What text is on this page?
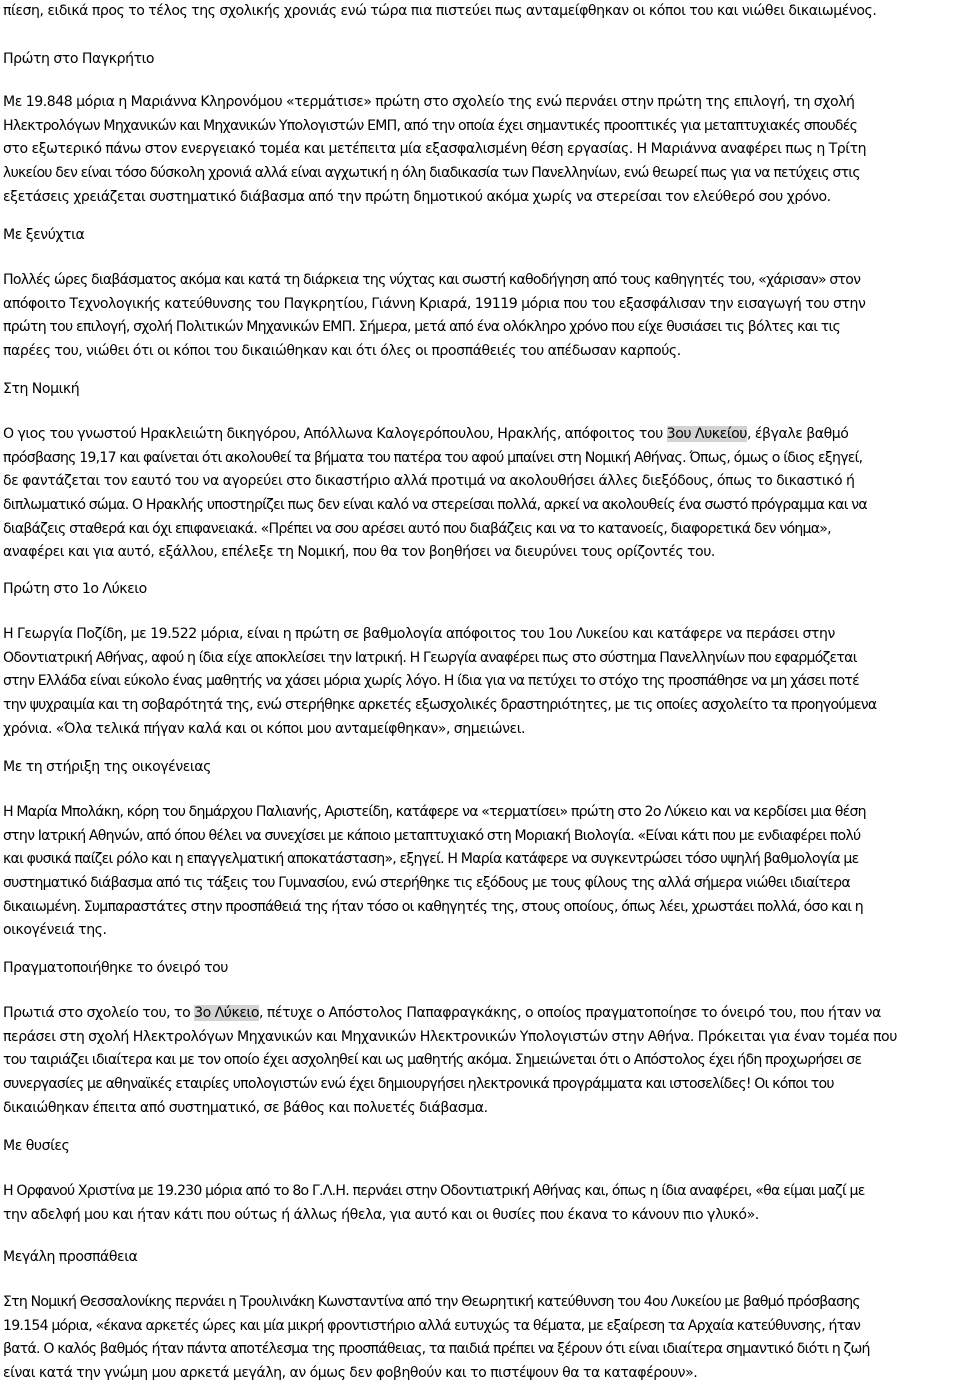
πίεση, ειδικά προς το τέλος της σχολικής χρονιάς ενώ τώρα πια πιστεύει πως ανταμείφθηκαν οι κόποι του και νιώθει δικαιωμένος.
Πρώτη στο Παγκρήτιο
Με 19.848 μόρια η Μαριάννα Κληρονόμου «τερμάτισε» πρώτη στο σχολείο της ενώ περνάει στην πρώτη της επιλογή, τη σχολή
Ηλεκτρολόγων Μηχανικών και Μηχανικών Υπολογιστών ΕΜΠ, από την οποία έχει σημαντικές προοπτικές για μεταπτυχιακές σπουδές
στο εξωτερικό πάνω στον ενεργειακό τομέα και μετέπειτα μία εξασφαλισμένη θέση εργασίας. Η Μαριάννα αναφέρει πως η Τρίτη
λυκείου δεν είναι τόσο δύσκολη χρονιά αλλά είναι αγχωτική η όλη διαδικασία των Πανελληνίων, ενώ θεωρεί πως για να πετύχεις στις
εξετάσεις χρειάζεται συστηματικό διάβασμα από την πρώτη δημοτικού ακόμα χωρίς να στερείσαι τον ελεύθερό σου χρόνο.
Με ξενύχτια
Πολλές ώρες διαβάσματος ακόμα και κατά τη διάρκεια της νύχτας και σωστή καθοδήγηση από τους καθηγητές του, «χάρισαν» στον
απόφοιτο Τεχνολογικής κατεύθυνσης του Παγκρητίου, Γιάννη Κριαρά, 19119 μόρια που του εξασφάλισαν την εισαγωγή του στην
πρώτη του επιλογή, σχολή Πολιτικών Μηχανικών ΕΜΠ. Σήμερα, μετά από ένα ολόκληρο χρόνο που είχε θυσιάσει τις βόλτες και τις
παρέες του, νιώθει ότι οι κόποι του δικαιώθηκαν και ότι όλες οι προσπάθειές του απέδωσαν καρπούς.
Στη Νομική
Ο γιος του γνωστού Ηρακλειώτη δικηγόρου, Απόλλωνα Καλογερόπουλου, Ηρακλής, απόφοιτος του 3ου Λυκείου, έβγαλε βαθμό
πρόσβασης 19,17 και φαίνεται ότι ακολουθεί τα βήματα του πατέρα του αφού μπαίνει στη Νομική Αθήνας. Όπως, όμως ο ίδιος εξηγεί,
δε φαντάζεται τον εαυτό του να αγορεύει στο δικαστήριο αλλά προτιμά να ακολουθήσει άλλες διεξόδους, όπως το δικαστικό ή
διπλωματικό σώμα. Ο Ηρακλής υποστηρίζει πως δεν είναι καλό να στερείσαι πολλά, αρκεί να ακολουθείς ένα σωστό πρόγραμμα και να
διαβάζεις σταθερά και όχι επιφανειακά. «Πρέπει να σου αρέσει αυτό που διαβάζεις και να το κατανοείς, διαφορετικά δεν νόημα»,
αναφέρει και για αυτό, εξάλλου, επέλεξε τη Νομική, που θα τον βοηθήσει να διευρύνει τους ορίζοντές του.
Πρώτη στο 1ο Λύκειο
Η Γεωργία Ποζίδη, με 19.522 μόρια, είναι η πρώτη σε βαθμολογία απόφοιτος του 1ου Λυκείου και κατάφερε να περάσει στην
Οδοντιατρική Αθήνας, αφού η ίδια είχε αποκλείσει την Ιατρική. Η Γεωργία αναφέρει πως στο σύστημα Πανελληνίων που εφαρμόζεται
στην Ελλάδα είναι εύκολο ένας μαθητής να χάσει μόρια χωρίς λόγο. Η ίδια για να πετύχει το στόχο της προσπάθησε να μη χάσει ποτέ
την ψυχραιμία και τη σοβαρότητά της, ενώ στερήθηκε αρκετές εξωσχολικές δραστηριότητες, με τις οποίες ασχολείτο τα προηγούμενα
χρόνια. «Όλα τελικά πήγαν καλά και οι κόποι μου ανταμείφθηκαν», σημειώνει.
Με τη στήριξη της οικογένειας
Η Μαρία Μπολάκη, κόρη του δημάρχου Παλιανής, Αριστείδη, κατάφερε να «τερματίσει» πρώτη στο 2ο Λύκειο και να κερδίσει μια θέση
στην Ιατρική Αθηνών, από όπου θέλει να συνεχίσει με κάποιο μεταπτυχιακό στη Μοριακή Βιολογία. «Είναι κάτι που με ενδιαφέρει πολύ
και φυσικά παίζει ρόλο και η επαγγελματική αποκατάσταση», εξηγεί. Η Μαρία κατάφερε να συγκεντρώσει τόσο υψηλή βαθμολογία με
συστηματικό διάβασμα από τις τάξεις του Γυμνασίου, ενώ στερήθηκε τις εξόδους με τους φίλους της αλλά σήμερα νιώθει ιδιαίτερα
δικαιωμένη. Συμπαραστάτες στην προσπάθειά της ήταν τόσο οι καθηγητές της, στους οποίους, όπως λέει, χρωστάει πολλά, όσο και η
οικογένειά της.
Πραγματοποιήθηκε το όνειρό του
Πρωτιά στο σχολείο του, το 3ο Λύκειο, πέτυχε ο Απόστολος Παπαφραγκάκης, ο οποίος πραγματοποίησε το όνειρό του, που ήταν να
περάσει στη σχολή Ηλεκτρολόγων Μηχανικών και Μηχανικών Ηλεκτρονικών Υπολογιστών στην Αθήνα. Πρόκειται για έναν τομέα που
του ταιριάζει ιδιαίτερα και με τον οποίο έχει ασχοληθεί και ως μαθητής ακόμα. Σημειώνεται ότι ο Απόστολος έχει ήδη προχωρήσει σε
συνεργασίες με αθηναϊκές εταιρίες υπολογιστών ενώ έχει δημιουργήσει ηλεκτρονικά προγράμματα και ιστοσελίδες! Οι κόποι του
δικαιώθηκαν έπειτα από συστηματικό, σε βάθος και πολυετές διάβασμα.
Με θυσίες
Η Ορφανού Χριστίνα με 19.230 μόρια από το 8ο Γ.Λ.Η. περνάει στην Οδοντιατρική Αθήνας και, όπως η ίδια αναφέρει, «θα είμαι μαζί με
την αδελφή μου και ήταν κάτι που ούτως ή άλλως ήθελα, για αυτό και οι θυσίες που έκανα το κάνουν πιο γλυκό».
Μεγάλη προσπάθεια
Στη Νομική Θεσσαλονίκης περνάει η Τρουλινάκη Κωνσταντίνα από την Θεωρητική κατεύθυνση του 4ου Λυκείου με βαθμό πρόσβασης
19.154 μόρια, «έκανα αρκετές ώρες και μία μικρή φροντιστήριο αλλά ευτυχώς τα θέματα, με εξαίρεση τα Αρχαία κατεύθυνσης, ήταν
βατά. Ο καλός βαθμός ήταν πάντα αποτέλεσμα της προσπάθειας, τα παιδιά πρέπει να ξέρουν ότι είναι ιδιαίτερα σημαντικό διότι η ζωή
είναι κατά την γνώμη μου αρκετά μεγάλη, αν όμως δεν φοβηθούν και το πιστέψουν θα τα καταφέρουν».
